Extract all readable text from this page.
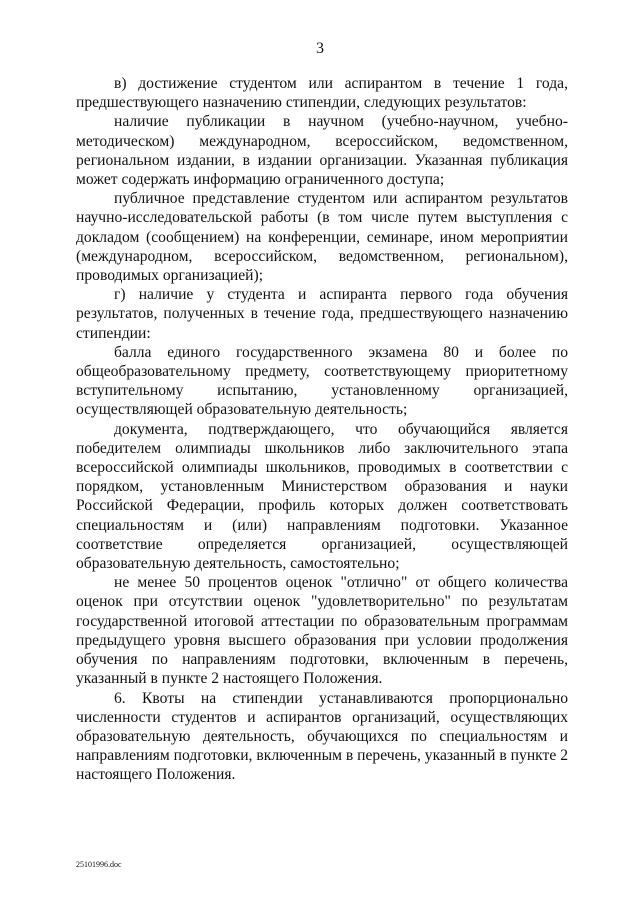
3

в) достижение студентом или аспирантом в течение 1 года, предшествующего назначению стипендии, следующих результатов:

наличие публикации в научном (учебно-научном, учебно-методическом) международном, всероссийском, ведомственном, региональном издании, в издании организации. Указанная публикация может содержать информацию ограниченного доступа;

публичное представление студентом или аспирантом результатов научно-исследовательской работы (в том числе путем выступления с докладом (сообщением) на конференции, семинаре, ином мероприятии (международном, всероссийском, ведомственном, региональном), проводимых организацией);

г) наличие у студента и аспиранта первого года обучения результатов, полученных в течение года, предшествующего назначению стипендии:

балла единого государственного экзамена 80 и более по общеобразовательному предмету, соответствующему приоритетному вступительному испытанию, установленному организацией, осуществляющей образовательную деятельность;

документа, подтверждающего, что обучающийся является победителем олимпиады школьников либо заключительного этапа всероссийской олимпиады школьников, проводимых в соответствии с порядком, установленным Министерством образования и науки Российской Федерации, профиль которых должен соответствовать специальностям и (или) направлениям подготовки. Указанное соответствие определяется организацией, осуществляющей образовательную деятельность, самостоятельно;

не менее 50 процентов оценок "отлично" от общего количества оценок при отсутствии оценок "удовлетворительно" по результатам государственной итоговой аттестации по образовательным программам предыдущего уровня высшего образования при условии продолжения обучения по направлениям подготовки, включенным в перечень, указанный в пункте 2 настоящего Положения.

6. Квоты на стипендии устанавливаются пропорционально численности студентов и аспирантов организаций, осуществляющих образовательную деятельность, обучающихся по специальностям и направлениям подготовки, включенным в перечень, указанный в пункте 2 настоящего Положения.

25101996.doc
